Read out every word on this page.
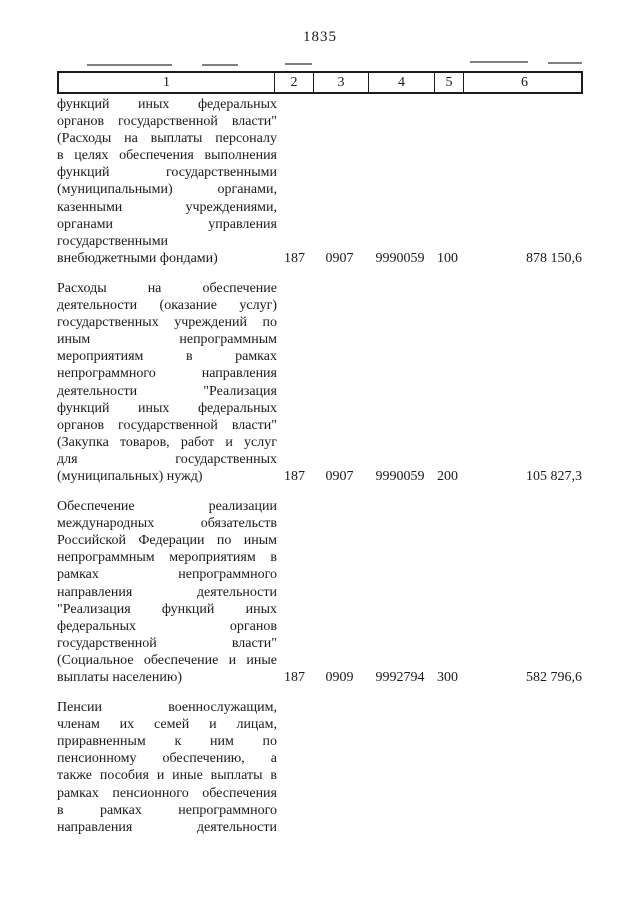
1835
1	2	3	4	5	6
функций иных федеральных
органов государственной власти"
(Расходы на выплаты персоналу
в целях обеспечения выполнения
функций государственными
(муниципальными) органами,
казенными учреждениями,
органами управления
государственными
внебюджетными фондами)	187	0907	9990059 100	878 150,6
Расходы на обеспечение
деятельности (оказание услуг)
государственных учреждений по
иным непрограммным
мероприятиям в рамках
непрограммного направления
деятельности "Реализация
функций иных федеральных
органов государственной власти"
(Закупка товаров, работ и услуг
для государственных
(муниципальных) нужд)	187	0907	9990059 200	105 827,3
Обеспечение реализации
международных обязательств
Российской Федерации по иным
непрограммным мероприятиям в
рамках непрограммного
направления деятельности
"Реализация функций иных
федеральных органов
государственной власти"
(Социальное обеспечение и иные
выплаты населению)	187	0909	9992794 300	582 796,6
Пенсии военнослужащим,
членам их семей и лицам,
приравненным к ним по
пенсионному обеспечению, а
также пособия и иные выплаты в
рамках пенсионного обеспечения
в рамках непрограммного
направления деятельности
